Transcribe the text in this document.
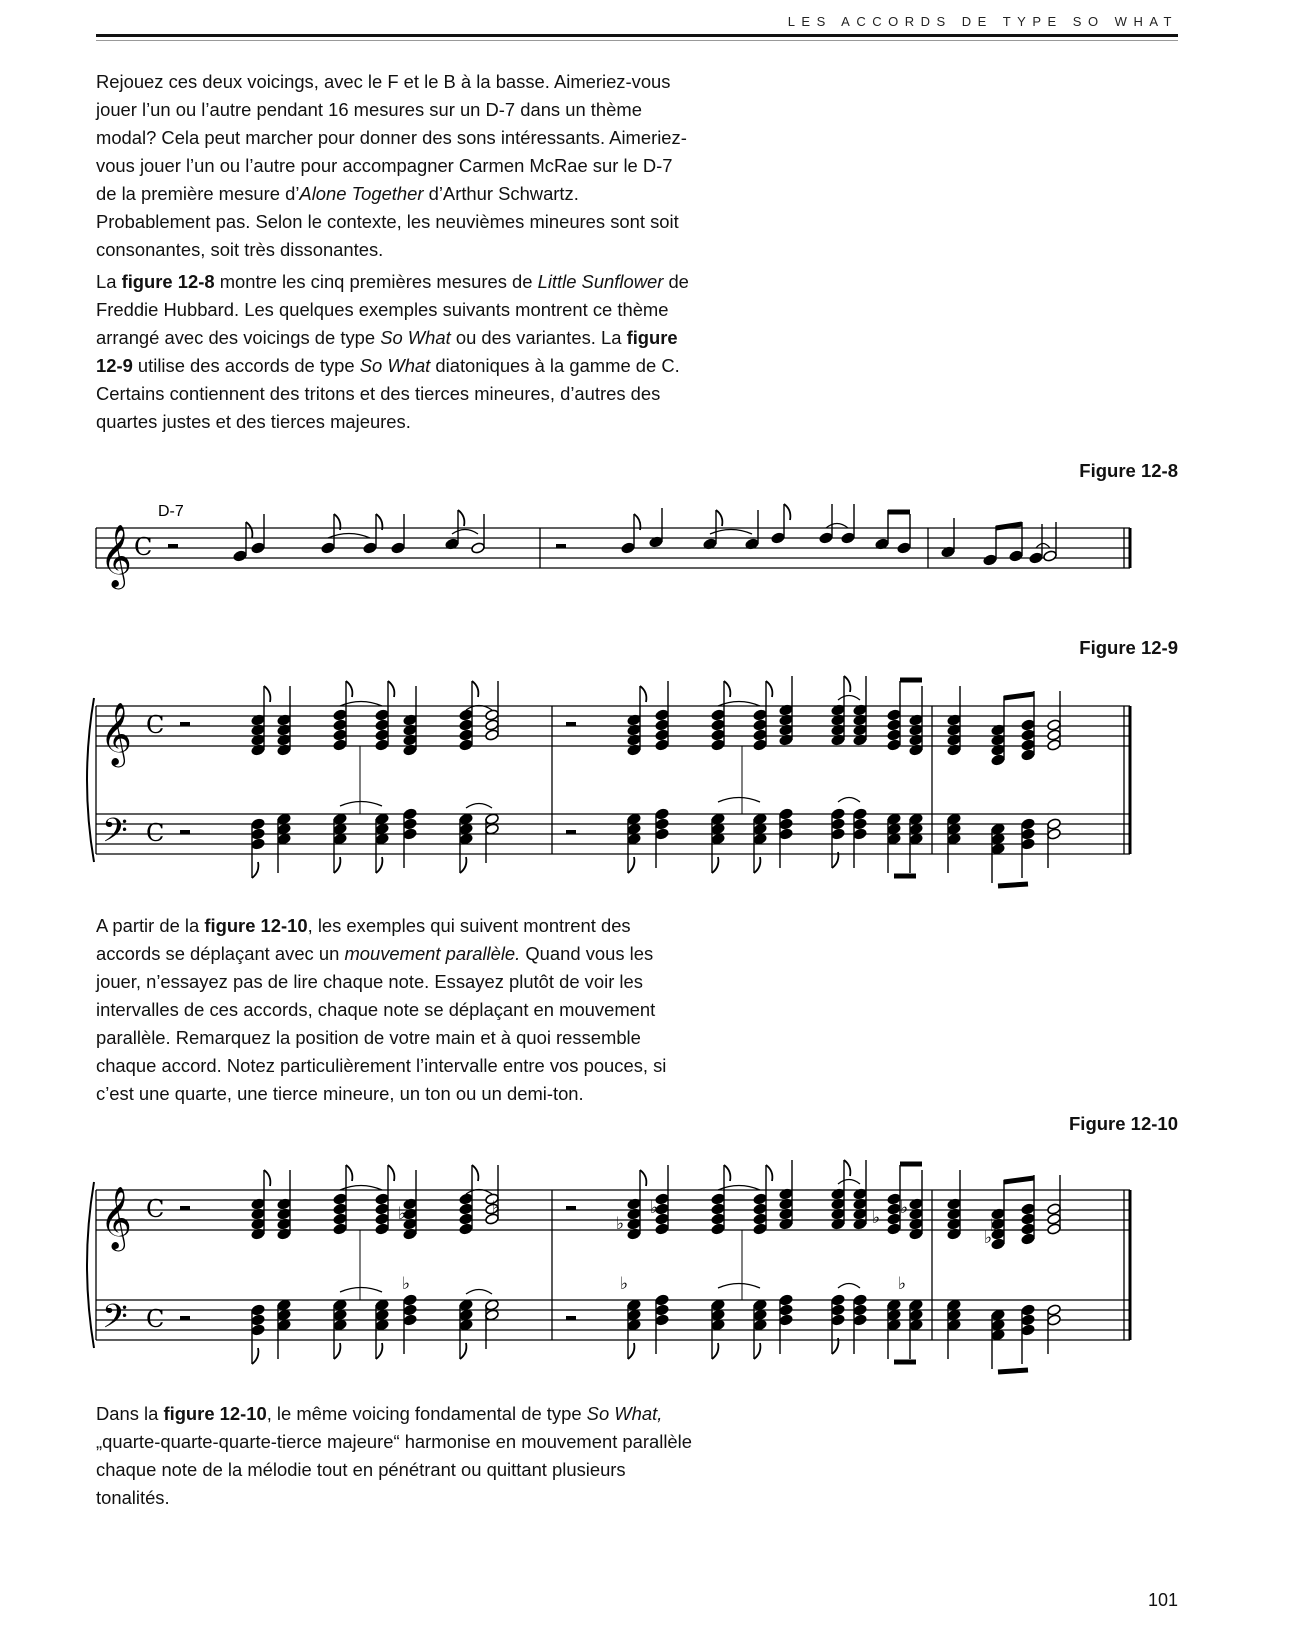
LES ACCORDS DE TYPE SO WHAT

Rejouez ces deux voicings, avec le F et le B à la basse. Aimeriez-vous jouer l’un ou l’autre pendant 16 mesures sur un D-7 dans un thème modal? Cela peut marcher pour donner des sons intéressants. Aimeriez-vous jouer l’un ou l’autre pour accompagner Carmen McRae sur le D-7 de la première mesure d’Alone Together d’Arthur Schwartz. Probablement pas. Selon le contexte, les neuvièmes mineures sont soit consonantes, soit très dissonantes.

La figure 12-8 montre les cinq premières mesures de Little Sunflower de Freddie Hubbard. Les quelques exemples suivants montrent ce thème arrangé avec des voicings de type So What ou des variantes. La figure 12-9 utilise des accords de type So What diatoniques à la gamme de C. Certains contiennent des tritons et des tierces mineures, d’autres des quartes justes et des tierces majeures.

Figure 12-8
𝄞 C
D-7
Figure 12-9
𝄞
𝄢
C
C

A partir de la figure 12-10, les exemples qui suivent montrent des accords se déplaçant avec un mouvement parallèle. Quand vous les jouer, n’essayez pas de lire chaque note. Essayez plutôt de voir les intervalles de ces accords, chaque note se déplaçant en mouvement parallèle. Remarquez la position de votre main et à quoi ressemble chaque accord. Notez particulièrement l’intervalle entre vos pouces, si c’est une quarte, une tierce mineure, un ton ou un demi-ton.

Figure 12-10
𝄞
𝄢
C
C
♭	♭
♭
♭	♭ ♭
♭
♭
♭	♭	♭

Dans la figure 12-10, le même voicing fondamental de type So What, „quarte-quarte-quarte-tierce majeure“ harmonise en mouvement parallèle chaque note de la mélodie tout en pénétrant ou quittant plusieurs tonalités.

101
